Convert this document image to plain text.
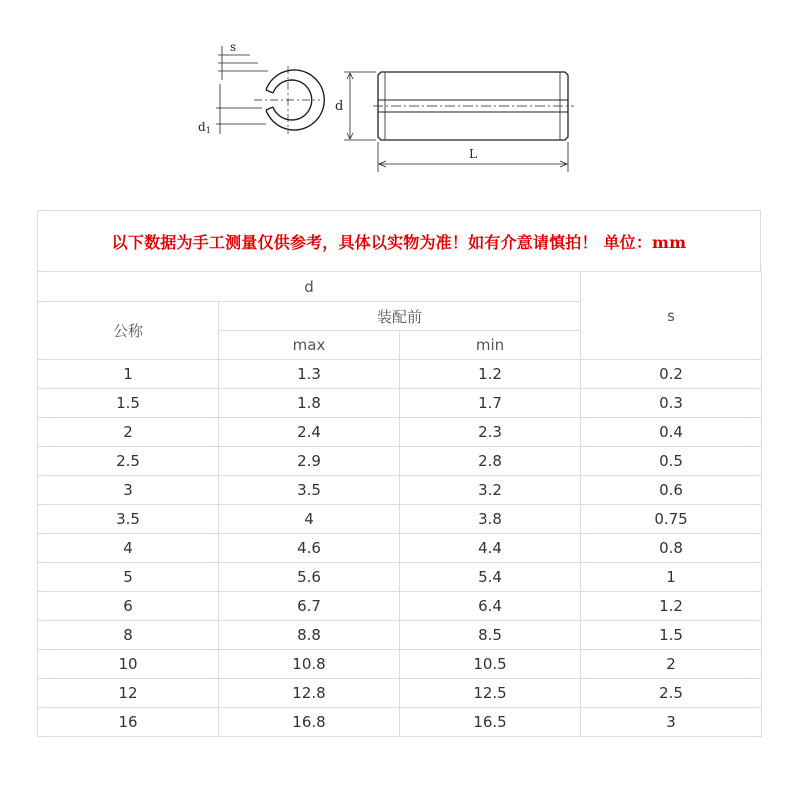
s
d1
d
L
以下数据为手工测量仅供参考，具体以实物为准！如有介意请慎拍！ 单位：mm
d			s
公称	装配前		
	max	min	
1	1.3	1.2	0.2
1.5	1.8	1.7	0.3
2	2.4	2.3	0.4
2.5	2.9	2.8	0.5
3	3.5	3.2	0.6
3.5	4	3.8	0.75
4	4.6	4.4	0.8
5	5.6	5.4	1
6	6.7	6.4	1.2
8	8.8	8.5	1.5
10	10.8	10.5	2
12	12.8	12.5	2.5
16	16.8	16.5	3
